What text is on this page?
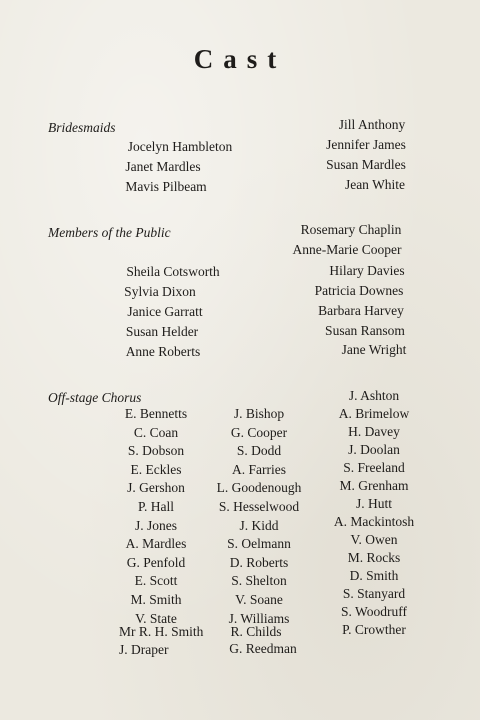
Cast
Bridesmaids
Jocelyn Hambleton
Janet Mardles
Mavis Pilbeam
Jill Anthony
Jennifer James
Susan Mardles
Jean White
Members of the Public
Sheila Cotsworth
Sylvia Dixon
Janice Garratt
Susan Helder
Anne Roberts
Rosemary Chaplin
Anne-Marie Cooper
Hilary Davies
Patricia Downes
Barbara Harvey
Susan Ransom
Jane Wright
Off-stage Chorus
E. Bennetts
C. Coan
S. Dobson
E. Eckles
J. Gershon
P. Hall
J. Jones
A. Mardles
G. Penfold
E. Scott
M. Smith
V. State
J. Bishop
G. Cooper
S. Dodd
A. Farries
L. Goodenough
S. Hesselwood
J. Kidd
S. Oelmann
D. Roberts
S. Shelton
V. Soane
J. Williams
J. Ashton
A. Brimelow
H. Davey
J. Doolan
S. Freeland
M. Grenham
J. Hutt
A. Mackintosh
V. Owen
M. Rocks
D. Smith
S. Stanyard
S. Woodruff
Mr R. H. Smith R. Childs	P. Crowther
J. Draper	G. Reedman
